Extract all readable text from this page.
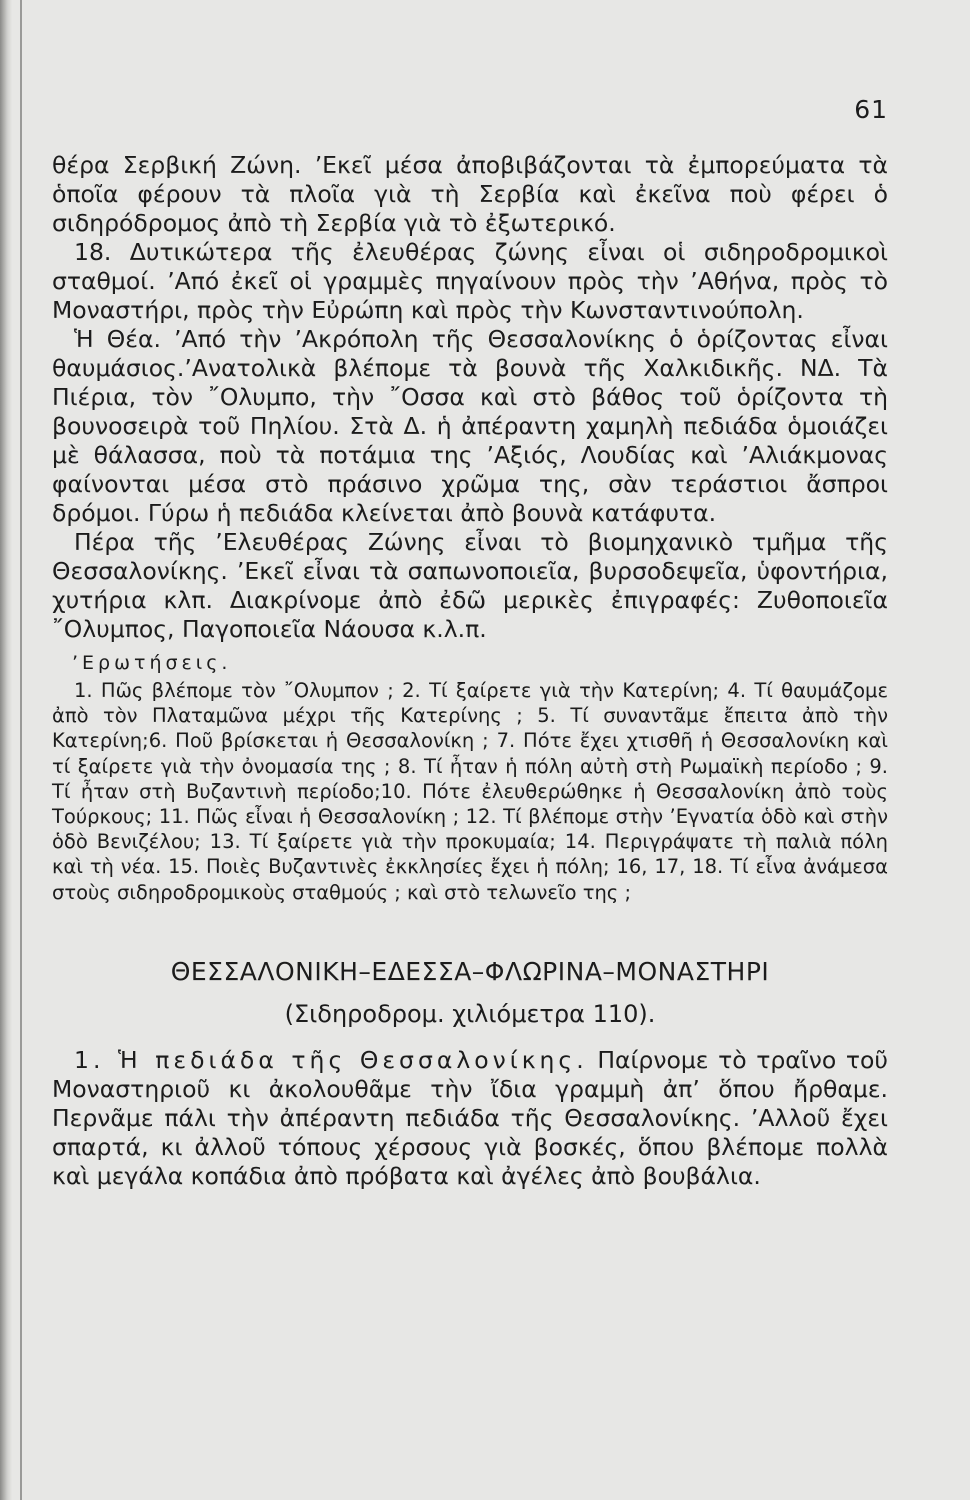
61

θέρα Σερβική Ζώνη. ’Εκεῖ μέσα ἀποβιβάζονται τὰ ἐμπορεύματα τὰ ὁποῖα φέρουν τὰ πλοῖα γιὰ τὴ Σερβία καὶ ἐκεῖνα ποὺ φέρει ὁ σιδηρόδρομος ἀπὸ τὴ Σερβία γιὰ τὸ ἐξωτερικό.

18. Δυτικώτερα τῆς ἐλευθέρας ζώνης εἶναι οἱ σιδηροδρομικοὶ σταθμοί. ’Από ἐκεῖ οἱ γραμμὲς πηγαίνουν πρὸς τὴν ’Αθήνα, πρὸς τὸ Μοναστήρι, πρὸς τὴν Εὐρώπη καὶ πρὸς τὴν Κωνσταντινούπολη.

Ἡ Θέα. ’Από τὴν ’Ακρόπολη τῆς Θεσσαλονίκης ὁ ὁρίζοντας εἶναι θαυμάσιος.’Ανατολικὰ βλέπομε τὰ βουνὰ τῆς Χαλκιδικῆς. ΝΔ. Τὰ Πιέρια, τὸν ῎Ολυμπο, τὴν ῎Οσσα καὶ στὸ βάθος τοῦ ὁρίζοντα τὴ βουνοσειρὰ τοῦ Πηλίου. Στὰ Δ. ἡ ἀπέραντη χαμηλὴ πεδιάδα ὁμοιάζει μὲ θάλασσα, ποὺ τὰ ποτάμια της ’Αξιός, Λουδίας καὶ ’Αλιάκμονας φαίνονται μέσα στὸ πράσινο χρῶμα της, σὰν τεράστιοι ἄσπροι δρόμοι. Γύρω ἡ πεδιάδα κλείνεται ἀπὸ βουνὰ κατάφυτα.

Πέρα τῆς ’Ελευθέρας Ζώνης εἶναι τὸ βιομηχανικὸ τμῆμα τῆς Θεσσαλονίκης. ’Εκεῖ εἶναι τὰ σαπωνοποιεῖα, βυρσοδεψεῖα, ὑφοντήρια, χυτήρια κλπ. Διακρίνομε ἀπὸ ἐδῶ μερικὲς ἐπιγραφές: Ζυθοποιεῖα ῎Ολυμπος, Παγοποιεῖα Νάουσα κ.λ.π.

’Ερωτήσεις.

1. Πῶς βλέπομε τὸν ῎Ολυμπον ; 2. Τί ξαίρετε γιὰ τὴν Κατερίνη; 4. Τί θαυμάζομε ἀπὸ τὸν Πλαταμῶνα μέχρι τῆς Κατερίνης ; 5. Τί συναντᾶμε ἔπειτα ἀπὸ τὴν Κατερίνη;6. Ποῦ βρίσκεται ἡ Θεσσαλονίκη ; 7. Πότε ἔχει χτισθῆ ἡ Θεσσαλονίκη καὶ τί ξαίρετε γιὰ τὴν ὀνομασία της ; 8. Τί ἦταν ἡ πόλη αὐτὴ στὴ Ρωμαϊκὴ περίοδο ; 9. Τί ἦταν στὴ Βυζαντινὴ περίοδο;10. Πότε ἐλευθερώθηκε ἡ Θεσσαλονίκη ἀπὸ τοὺς Τούρκους; 11. Πῶς εἶναι ἡ Θεσσαλονίκη ; 12. Τί βλέπομε στὴν ’Εγνατία ὁδὸ καὶ στὴν ὁδὸ Βενιζέλου; 13. Τί ξαίρετε γιὰ τὴν προκυμαία; 14. Περιγράψατε τὴ παλιὰ πόλη καὶ τὴ νέα. 15. Ποιὲς Βυζαντινὲς ἐκκλησίες ἔχει ἡ πόλη; 16, 17, 18. Τί εἶνα ἀνάμεσα στοὺς σιδηροδρομικοὺς σταθμούς ; καὶ στὸ τελωνεῖο της ;

ΘΕΣΣΑΛΟΝΙΚΗ–ΕΔΕΣΣΑ–ΦΛΩΡΙΝΑ–ΜΟΝΑΣΤΗΡΙ
(Σιδηροδρομ. χιλιόμετρα 110).

1. Ἡ πεδιάδα τῆς Θεσσαλονίκης. Παίρνομε τὸ τραῖνο τοῦ Μοναστηριοῦ κι ἀκολουθᾶμε τὴν ἴδια γραμμὴ ἀπ’ ὅπου ἤρθαμε. Περνᾶμε πάλι τὴν ἀπέραντη πεδιάδα τῆς Θεσσαλονίκης. ’Αλλοῦ ἔχει σπαρτά, κι ἀλλοῦ τόπους χέρσους γιὰ βοσκές, ὅπου βλέπομε πολλὰ καὶ μεγάλα κοπάδια ἀπὸ πρόβατα καὶ ἀγέλες ἀπὸ βουβάλια.
